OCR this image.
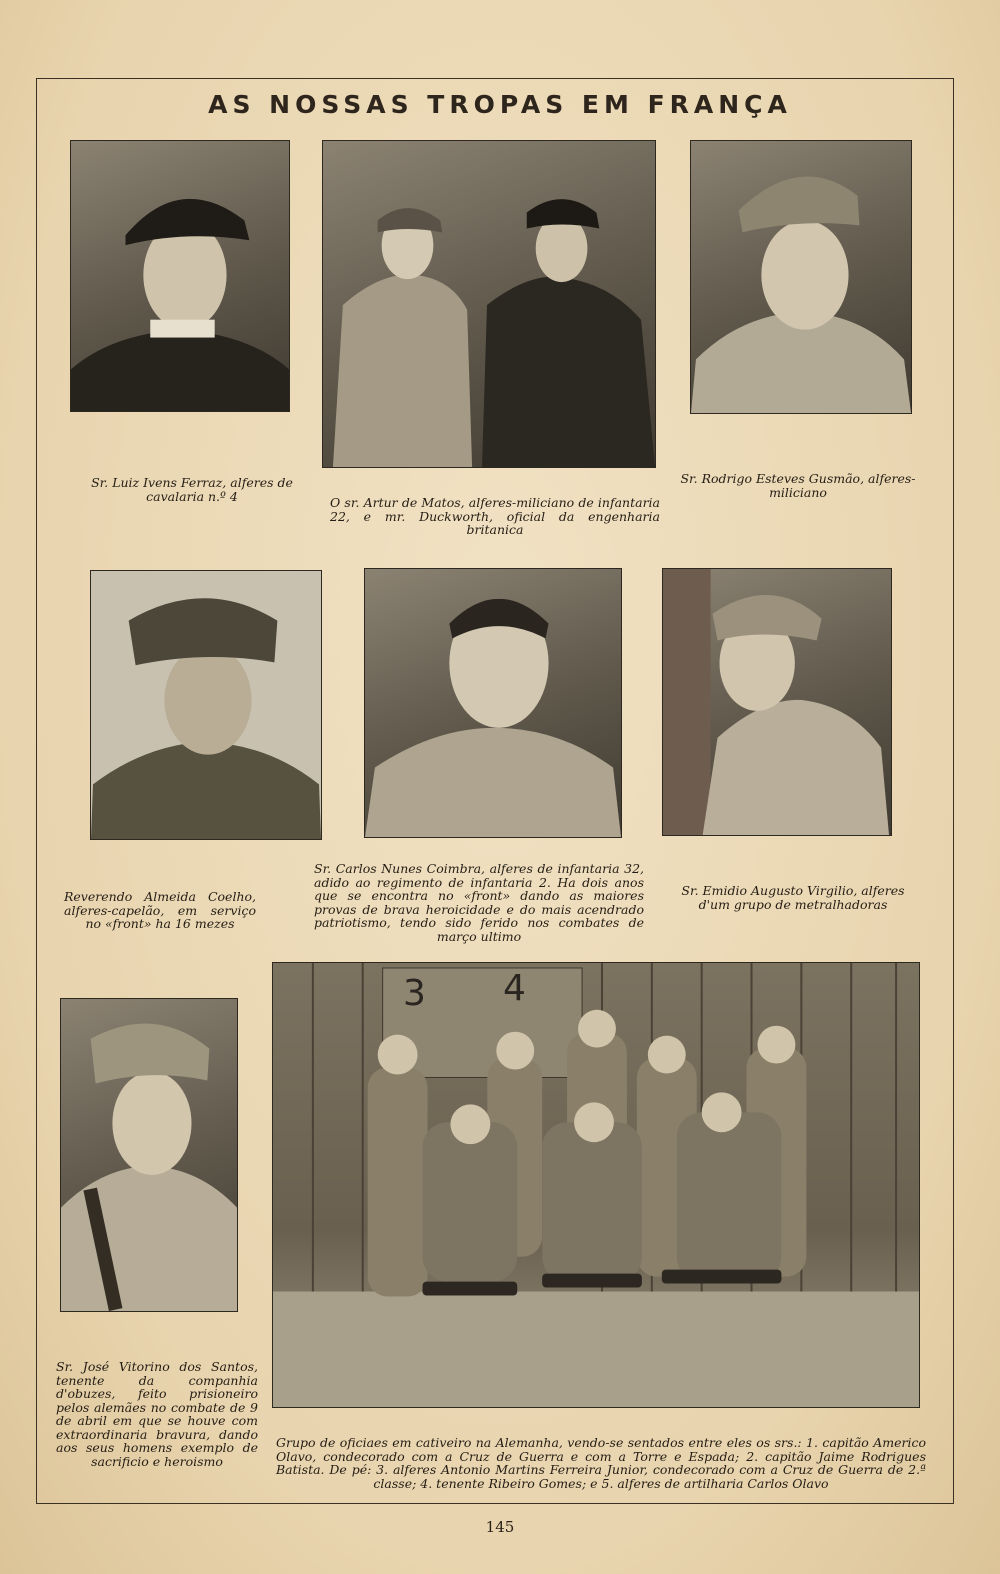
AS NOSSAS TROPAS EM FRANÇA
Sr. Luiz Ivens Ferraz, alferes de cavalaria n.º 4	O sr. Artur de Matos, alferes-miliciano de infantaria 22, e mr. Duckworth, oficial da engenharia britanica
Sr. Rodrigo Esteves Gusmão, alferes-miliciano
Reverendo Almeida Coelho, alferes-capelão, em serviço no «front» ha 16 mezes
Sr. Carlos Nunes Coimbra, alferes de infantaria 32, adido ao regimento de infantaria 2. Ha dois anos que se encontra no «front» dando as maiores provas de brava heroicidade e do mais acendrado patriotismo, tendo sido ferido nos combates de março ultimo
Sr. Emidio Augusto Virgilio, alferes d'um grupo de metralhadoras
3 4
Sr. José Vitorino dos Santos, tenente da companhia d'obuzes, feito prisioneiro pelos alemães no combate de 9 de abril em que se houve com extraordinaria bravura, dando aos seus homens exemplo de sacrificio e heroismo
Grupo de oficiaes em cativeiro na Alemanha, vendo-se sentados entre eles os srs.: 1. capitão Americo Olavo, condecorado com a Cruz de Guerra e com a Torre e Espada; 2. capitão Jaime Rodrigues Batista. De pé: 3. alferes Antonio Martins Ferreira Junior, condecorado com a Cruz de Guerra de 2.ª classe; 4. tenente Ribeiro Gomes; e 5. alferes de artilharia Carlos Olavo
145
